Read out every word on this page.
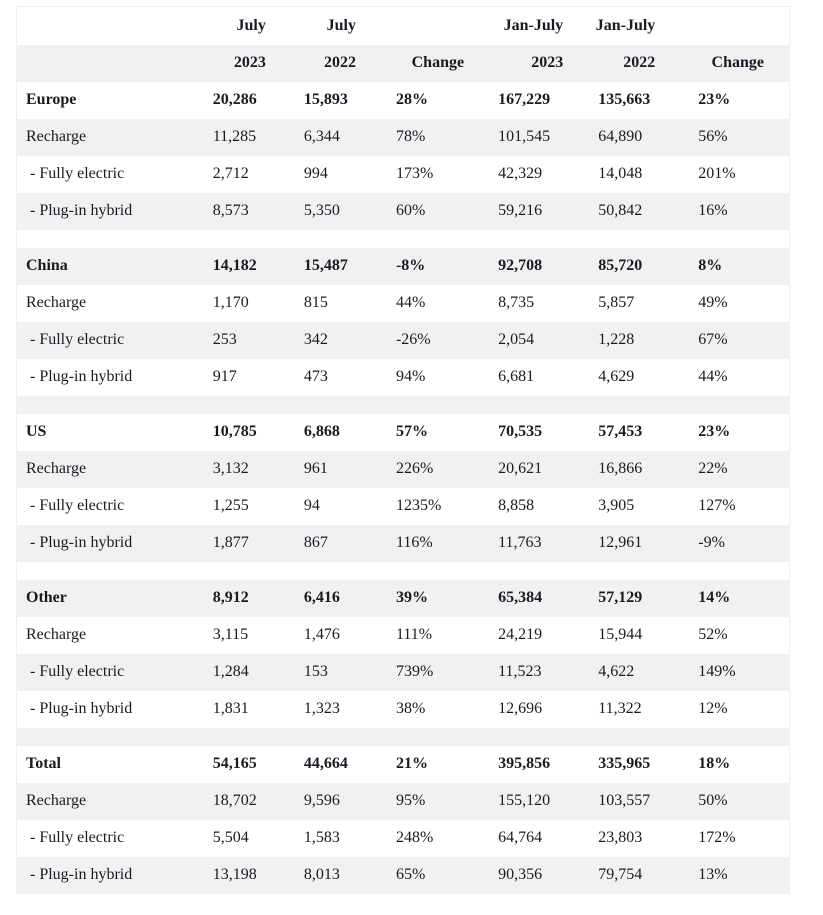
	July	July		Jan-July	Jan-July	
	2023	2022	Change	2023	2022	Change
Europe	20,286	15,893	28%	167,229	135,663	23%
Recharge	11,285	6,344	78%	101,545	64,890	56%
- Fully electric	2,712	994	173%	42,329	14,048	201%
- Plug-in hybrid	8,573	5,350	60%	59,216	50,842	16%

China	14,182	15,487	-8%	92,708	85,720	8%
Recharge	1,170	815	44%	8,735	5,857	49%
- Fully electric	253	342	-26%	2,054	1,228	67%
- Plug-in hybrid	917	473	94%	6,681	4,629	44%

US	10,785	6,868	57%	70,535	57,453	23%
Recharge	3,132	961	226%	20,621	16,866	22%
- Fully electric	1,255	94	1235%	8,858	3,905	127%
- Plug-in hybrid	1,877	867	116%	11,763	12,961	-9%

Other	8,912	6,416	39%	65,384	57,129	14%
Recharge	3,115	1,476	111%	24,219	15,944	52%
- Fully electric	1,284	153	739%	11,523	4,622	149%
- Plug-in hybrid	1,831	1,323	38%	12,696	11,322	12%

Total	54,165	44,664	21%	395,856	335,965	18%
Recharge	18,702	9,596	95%	155,120	103,557	50%
- Fully electric	5,504	1,583	248%	64,764	23,803	172%
- Plug-in hybrid	13,198	8,013	65%	90,356	79,754	13%
